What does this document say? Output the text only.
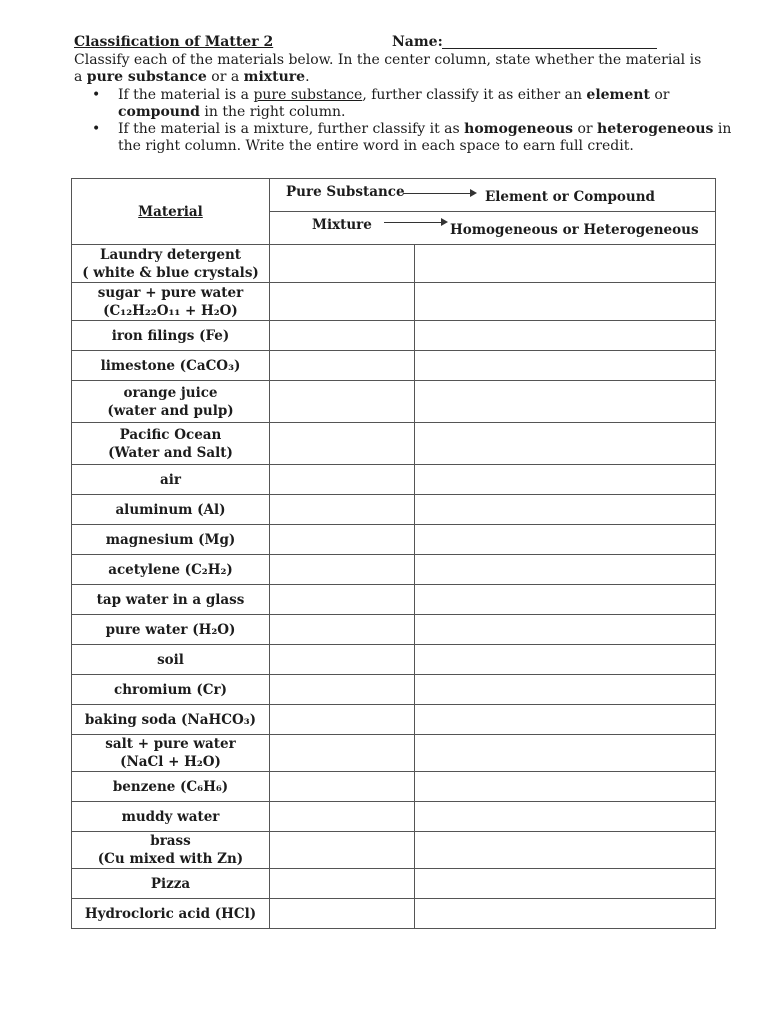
Classification of Matter 2	Name:
Classify each of the materials below. In the center column, state whether the material is a pure substance or a mixture.
• If the material is a pure substance, further classify it as either an element or compound in the right column.
• If the material is a mixture, further classify it as homogeneous or heterogeneous in the right column. Write the entire word in each space to earn full credit.
Material	Pure Substance Element or Compound	

	Mixture Homogeneous or Heterogeneous	

Laundry detergent
( white & blue crystals)		

sugar + pure water
(C₁₂H₂₂O₁₁ + H₂O)		

iron filings (Fe)		

limestone (CaCO₃)		

orange juice
(water and pulp)		

Pacific Ocean
(Water and Salt)		

air		

aluminum (Al)		

magnesium (Mg)		

acetylene (C₂H₂)		

tap water in a glass		

pure water (H₂O)		

soil		

chromium (Cr)		

baking soda (NaHCO₃)		

salt + pure water
(NaCl + H₂O)		

benzene (C₆H₆)		

muddy water		

brass
(Cu mixed with Zn)		

Pizza		

Hydrocloric acid (HCl)		
